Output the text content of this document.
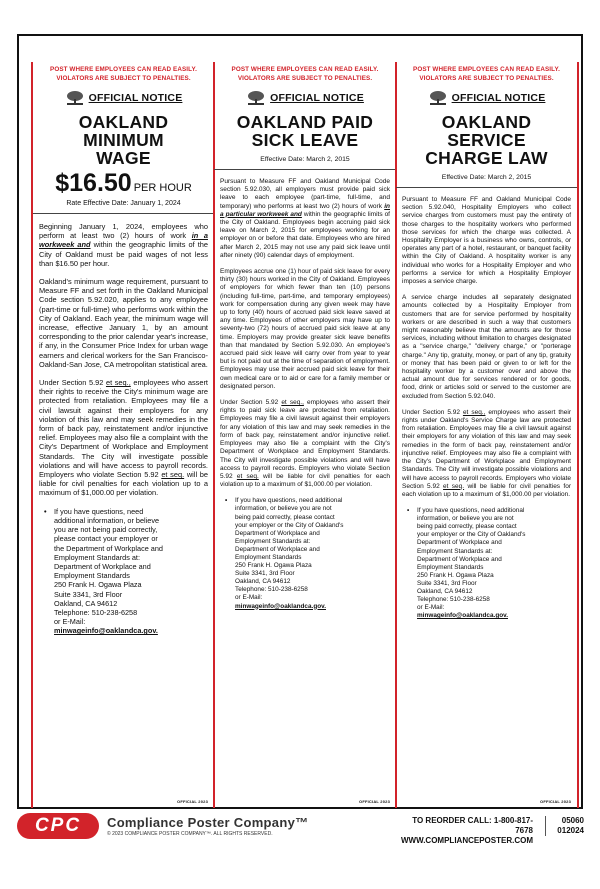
POST WHERE EMPLOYEES CAN READ EASILY.
VIOLATORS ARE SUBJECT TO PENALTIES.
OFFICIAL NOTICE
OAKLAND MINIMUM
WAGE
$16.50 PER HOUR
Rate Effective Date: January 1, 2024

Beginning January 1, 2024, employees who perform at least two (2) hours of work in a workweek and within the geographic limits of the City of Oakland must be paid wages of not less than $16.50 per hour.

Oakland's minimum wage requirement, pursuant to Measure FF and set forth in the Oakland Municipal Code section 5.92.020, applies to any employee (part-time or full-time) who performs work within the City of Oakland. Each year, the minimum wage will increase, effective January 1, by an amount corresponding to the prior calendar year's increase, if any, in the Consumer Price Index for urban wage earners and clerical workers for the San Francisco-Oakland-San Jose, CA metropolitan statistical area.

Under Section 5.92 et seq., employees who assert their rights to receive the City's minimum wage are protected from retaliation. Employees may file a civil lawsuit against their employers for any violation of this law and may seek remedies in the form of back pay, reinstatement and/or injunctive relief. Employees may also file a complaint with the City's Department of Workplace and Employment Standards. The City will investigate possible violations and will have access to payroll records. Employers who violate Section 5.92 et seq. will be liable for civil penalties for each violation up to a maximum of $1,000.00 per violation.

•	If you have questions, need
additional information, or believe
you are not being paid correctly,
please contact your employer or
the Department of Workplace and
Employment Standards at:
Department of Workplace and
Employment Standards
250 Frank H. Ogawa Plaza
Suite 3341, 3rd Floor
Oakland, CA 94612
Telephone: 510-238-6258
or E-Mail:
minwageinfo@oaklandca.gov.
OFFICIAL 2023
POST WHERE EMPLOYEES CAN READ EASILY.
VIOLATORS ARE SUBJECT TO PENALTIES.
OFFICIAL NOTICE
OAKLAND PAID
SICK LEAVE
Effective Date: March 2, 2015

Pursuant to Measure FF and Oakland Municipal Code section 5.92.030, all employers must provide paid sick leave to each employee (part-time, full-time, and temporary) who performs at least two (2) hours of work in a particular workweek and within the geographic limits of the City of Oakland. Employees begin accruing paid sick leave on March 2, 2015 for employees working for an employer on or before that date. Employees who are hired after March 2, 2015 may not use any paid sick leave until after ninety (90) calendar days of employment.

Employees accrue one (1) hour of paid sick leave for every thirty (30) hours worked in the City of Oakland. Employees of employers for which fewer than ten (10) persons (including full-time, part-time, and temporary employees) work for compensation during any given week may have up to forty (40) hours of accrued paid sick leave saved at any time. Employees of other employers may have up to seventy-two (72) hours of accrued paid sick leave at any time. Employers may provide greater sick leave benefits than that mandated by Section 5.92.030. An employee's accrued paid sick leave will carry over from year to year but is not paid out at the time of separation of employment. Employees may use their accrued paid sick leave for their own medical care or to aid or care for a family member or designated person.

Under Section 5.92 et seq., employees who assert their rights to paid sick leave are protected from retaliation. Employees may file a civil lawsuit against their employers for any violation of this law and may seek remedies in the form of back pay, reinstatement and/or injunctive relief. Employees may also file a complaint with the City's Department of Workplace and Employment Standards. The City will investigate possible violations and will have access to payroll records. Employers who violate Section 5.92 et seq. will be liable for civil penalties for each violation up to a maximum of $1,000.00 per violation.

•	If you have questions, need additional
information, or believe you are not
being paid correctly, please contact
your employer or the City of Oakland's
Department of Workplace and
Employment Standards at:
Department of Workplace and
Employment Standards
250 Frank H. Ogawa Plaza
Suite 3341, 3rd Floor
Oakland, CA 94612
Telephone: 510-238-6258
or E-Mail:
minwageinfo@oaklandca.gov.
OFFICIAL 2023
POST WHERE EMPLOYEES CAN READ EASILY.
VIOLATORS ARE SUBJECT TO PENALTIES.
OFFICIAL NOTICE
OAKLAND SERVICE
CHARGE LAW
Effective Date: March 2, 2015

Pursuant to Measure FF and Oakland Municipal Code section 5.92.040, Hospitality Employers who collect service charges from customers must pay the entirety of those charges to the hospitality workers who performed those services for which the charge was collected. A Hospitality Employer is a business who owns, controls, or operates any part of a hotel, restaurant, or banquet facility within the City of Oakland. A hospitality worker is any individual who works for a Hospitality Employer and who performs a service for which a Hospitality Employer imposes a service charge.

A service charge includes all separately designated amounts collected by a Hospitality Employer from customers that are for service performed by hospitality workers or are described in such a way that customers might reasonably believe that the amounts are for those services, including without limitation to charges designated as a "service charge," "delivery charge," or "porterage charge." Any tip, gratuity, money, or part of any tip, gratuity or money that has been paid or given to or left for the hospitality worker by a customer over and above the actual amount due for services rendered or for goods, food, drink or articles sold or served to the customer are excluded from Section 5.92.040.

Under Section 5.92 et seq., employees who assert their rights under Oakland's Service Charge law are protected from retaliation. Employees may file a civil lawsuit against their employers for any violation of this law and may seek remedies in the form of back pay, reinstatement and/or injunctive relief. Employees may also file a complaint with the City's Department of Workplace and Employment Standards. The City will investigate possible violations and will have access to payroll records. Employers who violate Section 5.92 et seq. will be liable for civil penalties for each violation up to a maximum of $1,000.00 per violation.

•	If you have questions, need additional
information, or believe you are not
being paid correctly, please contact
your employer or the City of Oakland's
Department of Workplace and
Employment Standards at:
Department of Workplace and
Employment Standards
250 Frank H. Ogawa Plaza
Suite 3341, 3rd Floor
Oakland, CA 94612
Telephone: 510-238-6258
or E-Mail:
minwageinfo@oaklandca.gov.
OFFICIAL 2023
CPC	Compliance Poster Company™
© 2023 COMPLIANCE POSTER COMPANY™. ALL RIGHTS RESERVED.
TO REORDER CALL: 1-800-817-7678
WWW.COMPLIANCEPOSTER.COM
05060
012024
